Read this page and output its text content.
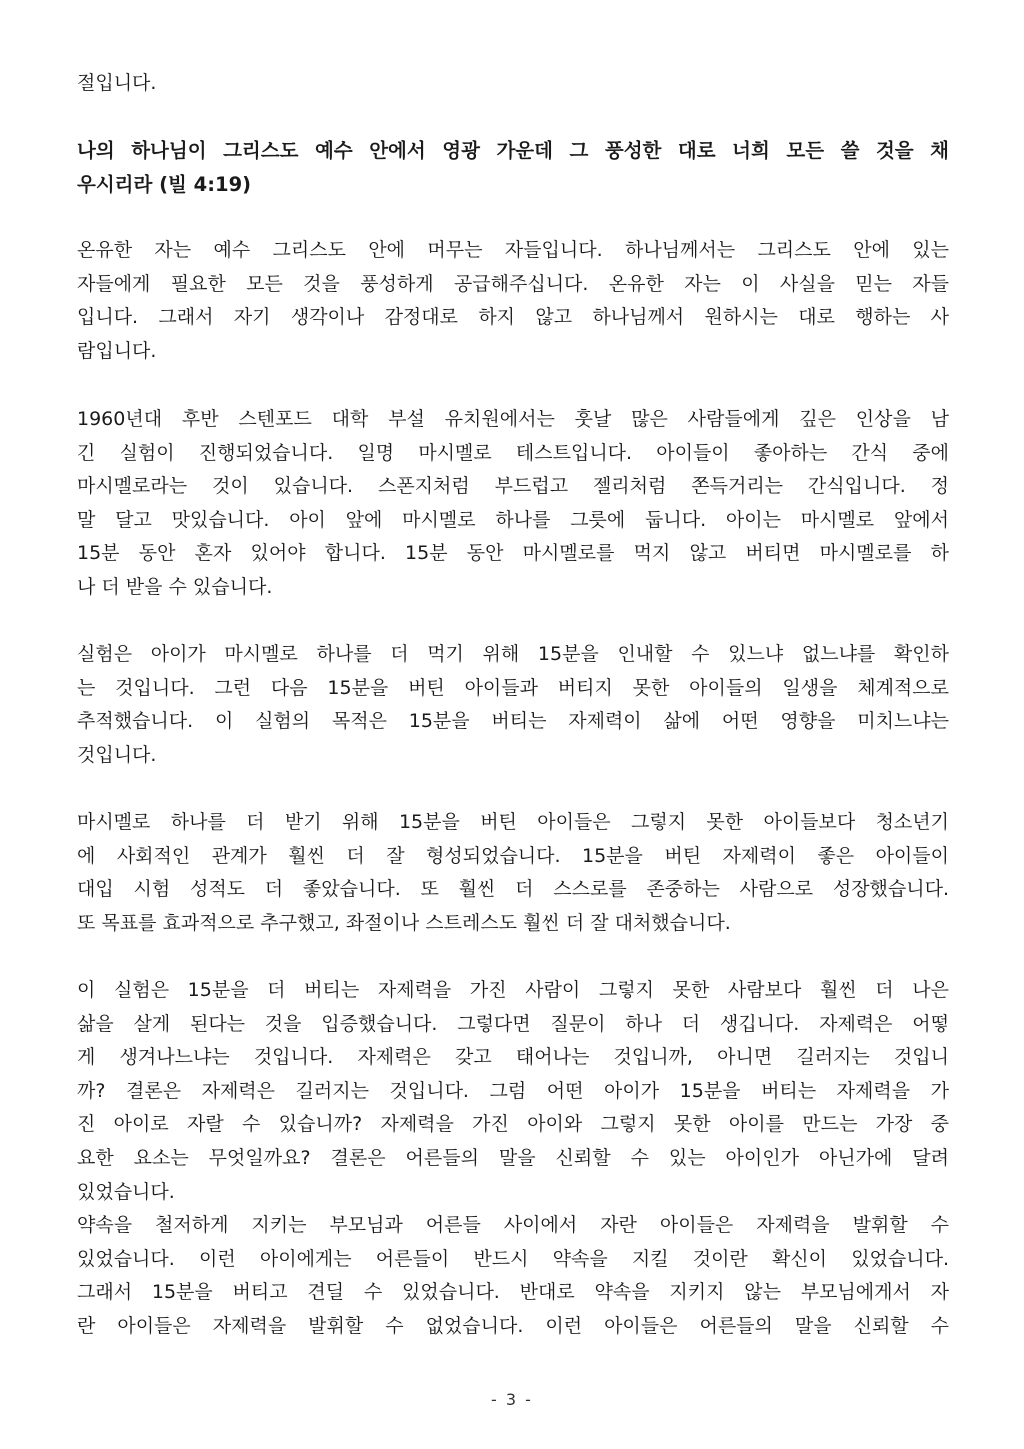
절입니다.
나의 하나님이 그리스도 예수 안에서 영광 가운데 그 풍성한 대로 너희 모든 쓸 것을 채
우시리라 (빌 4:19)
온유한 자는 예수 그리스도 안에 머무는 자들입니다. 하나님께서는 그리스도 안에 있는
자들에게 필요한 모든 것을 풍성하게 공급해주십니다. 온유한 자는 이 사실을 믿는 자들
입니다. 그래서 자기 생각이나 감정대로 하지 않고 하나님께서 원하시는 대로 행하는 사
람입니다.
1960년대 후반 스텐포드 대학 부설 유치원에서는 훗날 많은 사람들에게 깊은 인상을 남
긴 실험이 진행되었습니다. 일명 마시멜로 테스트입니다. 아이들이 좋아하는 간식 중에
마시멜로라는 것이 있습니다. 스폰지처럼 부드럽고 젤리처럼 쫀득거리는 간식입니다. 정
말 달고 맛있습니다. 아이 앞에 마시멜로 하나를 그릇에 둡니다. 아이는 마시멜로 앞에서
15분 동안 혼자 있어야 합니다. 15분 동안 마시멜로를 먹지 않고 버티면 마시멜로를 하
나 더 받을 수 있습니다.
실험은 아이가 마시멜로 하나를 더 먹기 위해 15분을 인내할 수 있느냐 없느냐를 확인하
는 것입니다. 그런 다음 15분을 버틴 아이들과 버티지 못한 아이들의 일생을 체계적으로
추적했습니다. 이 실험의 목적은 15분을 버티는 자제력이 삶에 어떤 영향을 미치느냐는
것입니다.
마시멜로 하나를 더 받기 위해 15분을 버틴 아이들은 그렇지 못한 아이들보다 청소년기
에 사회적인 관계가 훨씬 더 잘 형성되었습니다. 15분을 버틴 자제력이 좋은 아이들이
대입 시험 성적도 더 좋았습니다. 또 훨씬 더 스스로를 존중하는 사람으로 성장했습니다.
또 목표를 효과적으로 추구했고, 좌절이나 스트레스도 훨씬 더 잘 대처했습니다.
이 실험은 15분을 더 버티는 자제력을 가진 사람이 그렇지 못한 사람보다 훨씬 더 나은
삶을 살게 된다는 것을 입증했습니다. 그렇다면 질문이 하나 더 생깁니다. 자제력은 어떻
게 생겨나느냐는 것입니다. 자제력은 갖고 태어나는 것입니까, 아니면 길러지는 것입니
까? 결론은 자제력은 길러지는 것입니다. 그럼 어떤 아이가 15분을 버티는 자제력을 가
진 아이로 자랄 수 있습니까? 자제력을 가진 아이와 그렇지 못한 아이를 만드는 가장 중
요한 요소는 무엇일까요? 결론은 어른들의 말을 신뢰할 수 있는 아이인가 아닌가에 달려
있었습니다.
약속을 철저하게 지키는 부모님과 어른들 사이에서 자란 아이들은 자제력을 발휘할 수
있었습니다. 이런 아이에게는 어른들이 반드시 약속을 지킬 것이란 확신이 있었습니다.
그래서 15분을 버티고 견딜 수 있었습니다. 반대로 약속을 지키지 않는 부모님에게서 자
란 아이들은 자제력을 발휘할 수 없었습니다. 이런 아이들은 어른들의 말을 신뢰할 수
- 3 -
